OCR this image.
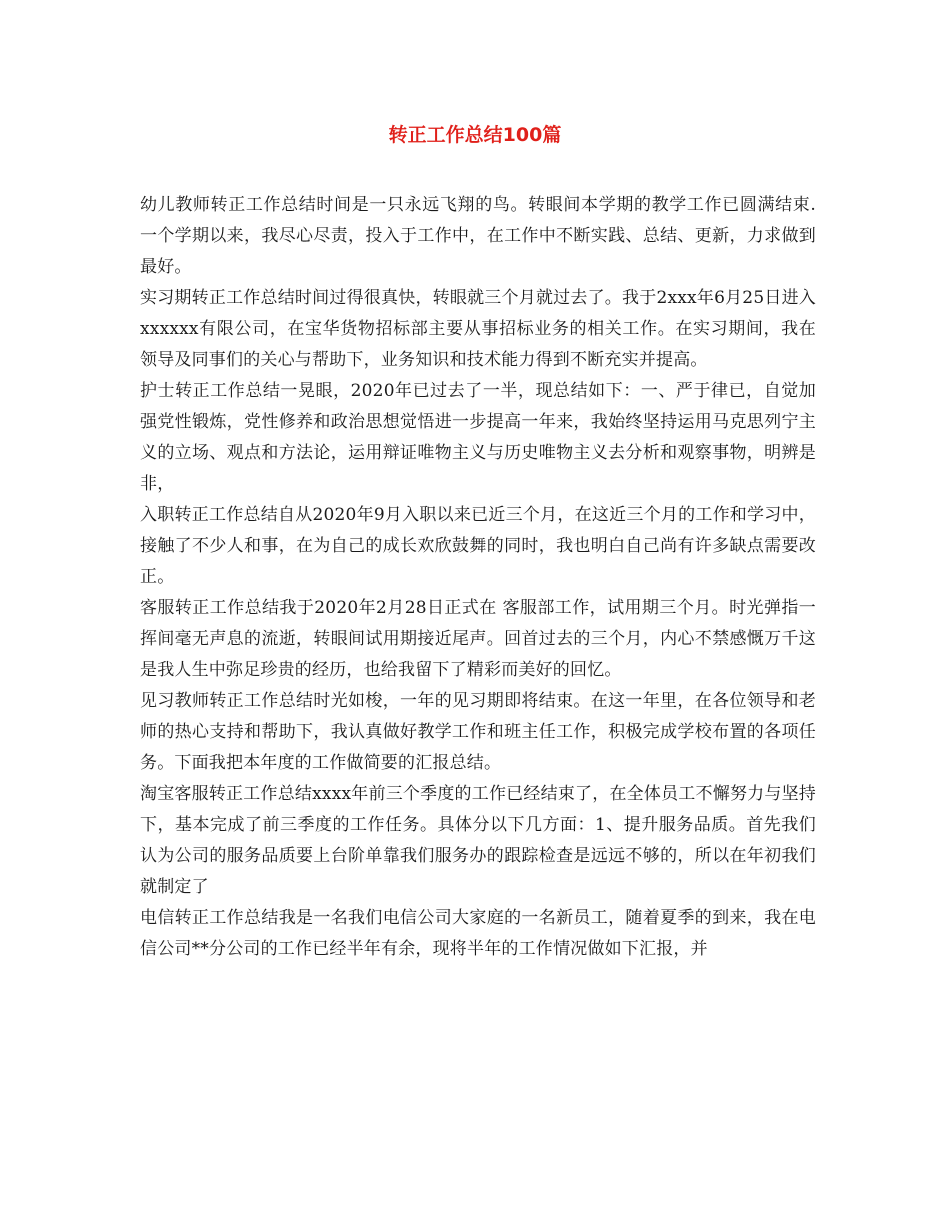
转正工作总结100篇

幼儿教师转正工作总结时间是一只永远飞翔的鸟。转眼间本学期的教学工作已圆满结束.一个学期以来，我尽心尽责，投入于工作中，在工作中不断实践、总结、更新，力求做到最好。

实习期转正工作总结时间过得很真快，转眼就三个月就过去了。我于2xxx年6月25日进入xxxxxx有限公司，在宝华货物招标部主要从事招标业务的相关工作。在实习期间，我在领导及同事们的关心与帮助下，业务知识和技术能力得到不断充实并提高。

护士转正工作总结一晃眼，2020年已过去了一半，现总结如下：一、严于律已，自觉加强党性锻炼，党性修养和政治思想觉悟进一步提高一年来，我始终坚持运用马克思列宁主义的立场、观点和方法论，运用辩证唯物主义与历史唯物主义去分析和观察事物，明辨是非，

入职转正工作总结自从2020年9月入职以来已近三个月，在这近三个月的工作和学习中，接触了不少人和事，在为自己的成长欢欣鼓舞的同时，我也明白自己尚有许多缺点需要改正。

客服转正工作总结我于2020年2月28日正式在 客服部工作，试用期三个月。时光弹指一挥间毫无声息的流逝，转眼间试用期接近尾声。回首过去的三个月，内心不禁感慨万千这是我人生中弥足珍贵的经历，也给我留下了精彩而美好的回忆。

见习教师转正工作总结时光如梭，一年的见习期即将结束。在这一年里，在各位领导和老师的热心支持和帮助下，我认真做好教学工作和班主任工作，积极完成学校布置的各项任务。下面我把本年度的工作做简要的汇报总结。

淘宝客服转正工作总结xxxx年前三个季度的工作已经结束了，在全体员工不懈努力与坚持下，基本完成了前三季度的工作任务。具体分以下几方面：1、提升服务品质。首先我们认为公司的服务品质要上台阶单靠我们服务办的跟踪检查是远远不够的，所以在年初我们就制定了

电信转正工作总结我是一名我们电信公司大家庭的一名新员工，随着夏季的到来，我在电信公司**分公司的工作已经半年有余，现将半年的工作情况做如下汇报，并
